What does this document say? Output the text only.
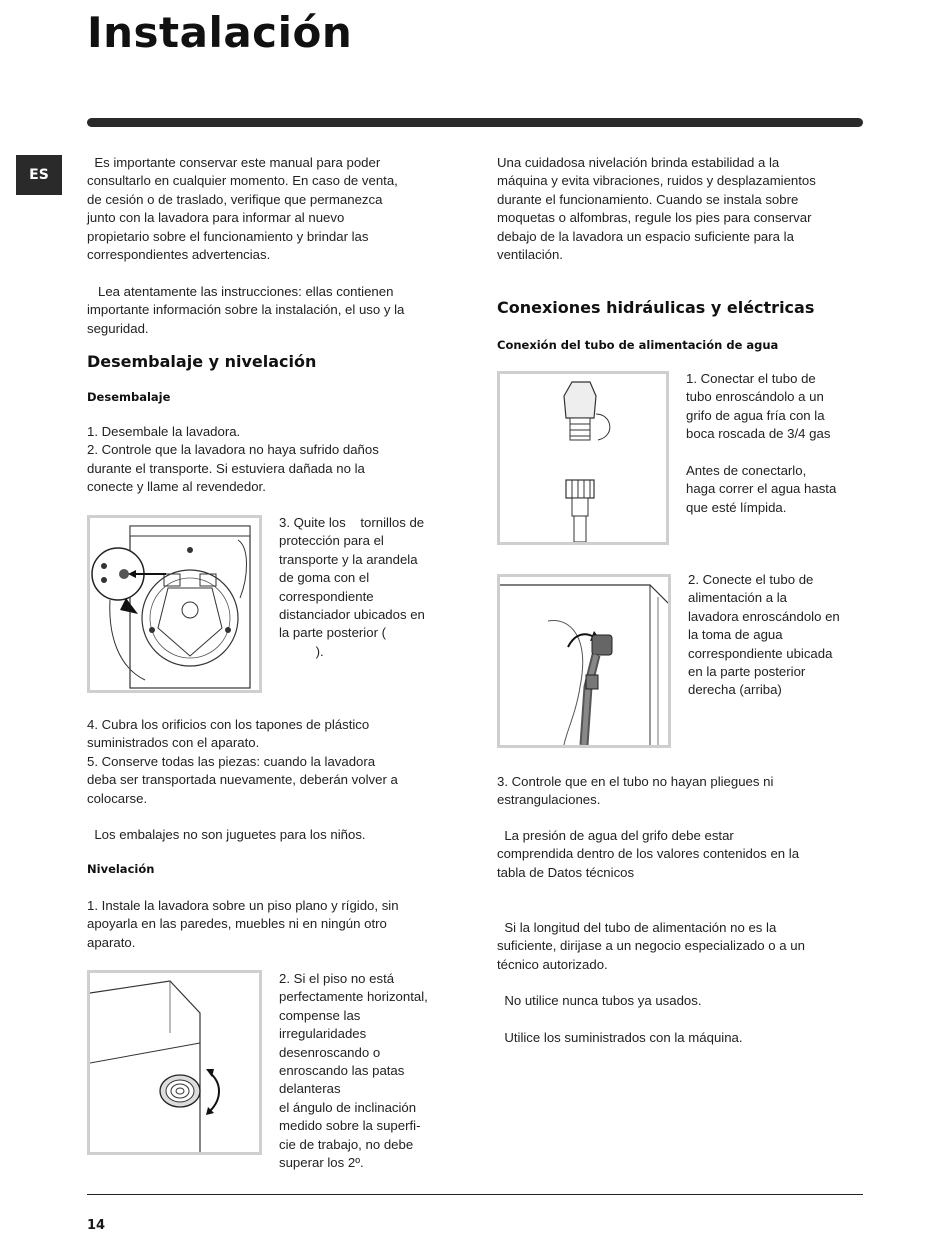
Instalación
ES
Es importante conservar este manual para poder
consultarlo en cualquier momento. En caso de venta,
de cesión o de traslado, verifique que permanezca
junto con la lavadora para informar al nuevo
propietario sobre el funcionamiento y brindar las
correspondientes advertencias.
Lea atentamente las instrucciones: ellas contienen
importante información sobre la instalación, el uso y la
seguridad.
Desembalaje y nivelación
Desembalaje
1. Desembale la lavadora.
2. Controle que la lavadora no haya sufrido daños
durante el transporte. Si estuviera dañada no la
conecte y llame al revendedor.
3. Quite los    tornillos de
protección para el
transporte y la arandela
de goma con el
correspondiente
distanciador ubicados en
la parte posterior (
).
4. Cubra los orificios con los tapones de plástico
suministrados con el aparato.
5. Conserve todas las piezas: cuando la lavadora
deba ser transportada nuevamente, deberán volver a
colocarse.
Los embalajes no son juguetes para los niños.
Nivelación
1. Instale la lavadora sobre un piso plano y rígido, sin
apoyarla en las paredes, muebles ni en ningún otro
aparato.
2. Si el piso no está
perfectamente horizontal,
compense las
irregularidades
desenroscando o
enroscando las patas
delanteras
el ángulo de inclinación
medido sobre la superfi-
cie de trabajo, no debe
superar los 2º.
Una cuidadosa nivelación brinda estabilidad a la
máquina y evita vibraciones, ruidos y desplazamientos
durante el funcionamiento. Cuando se instala sobre
moquetas o alfombras, regule los pies para conservar
debajo de la lavadora un espacio suficiente para la
ventilación.
Conexiones hidráulicas y eléctricas
Conexión del tubo de alimentación de agua
1. Conectar el tubo de
tubo enroscándolo a un
grifo de agua fría con la
boca roscada de 3/4 gas
Antes de conectarlo,
haga correr el agua hasta
que esté límpida.
2. Conecte el tubo de
alimentación a la
lavadora enroscándolo en
la toma de agua
correspondiente ubicada
en la parte posterior
derecha (arriba)
3. Controle que en el tubo no hayan pliegues ni
estrangulaciones.
La presión de agua del grifo debe estar
comprendida dentro de los valores contenidos en la
tabla de Datos técnicos
Si la longitud del tubo de alimentación no es la
suficiente, dirijase a un negocio especializado o a un
técnico autorizado.
No utilice nunca tubos ya usados.
Utilice los suministrados con la máquina.
14
